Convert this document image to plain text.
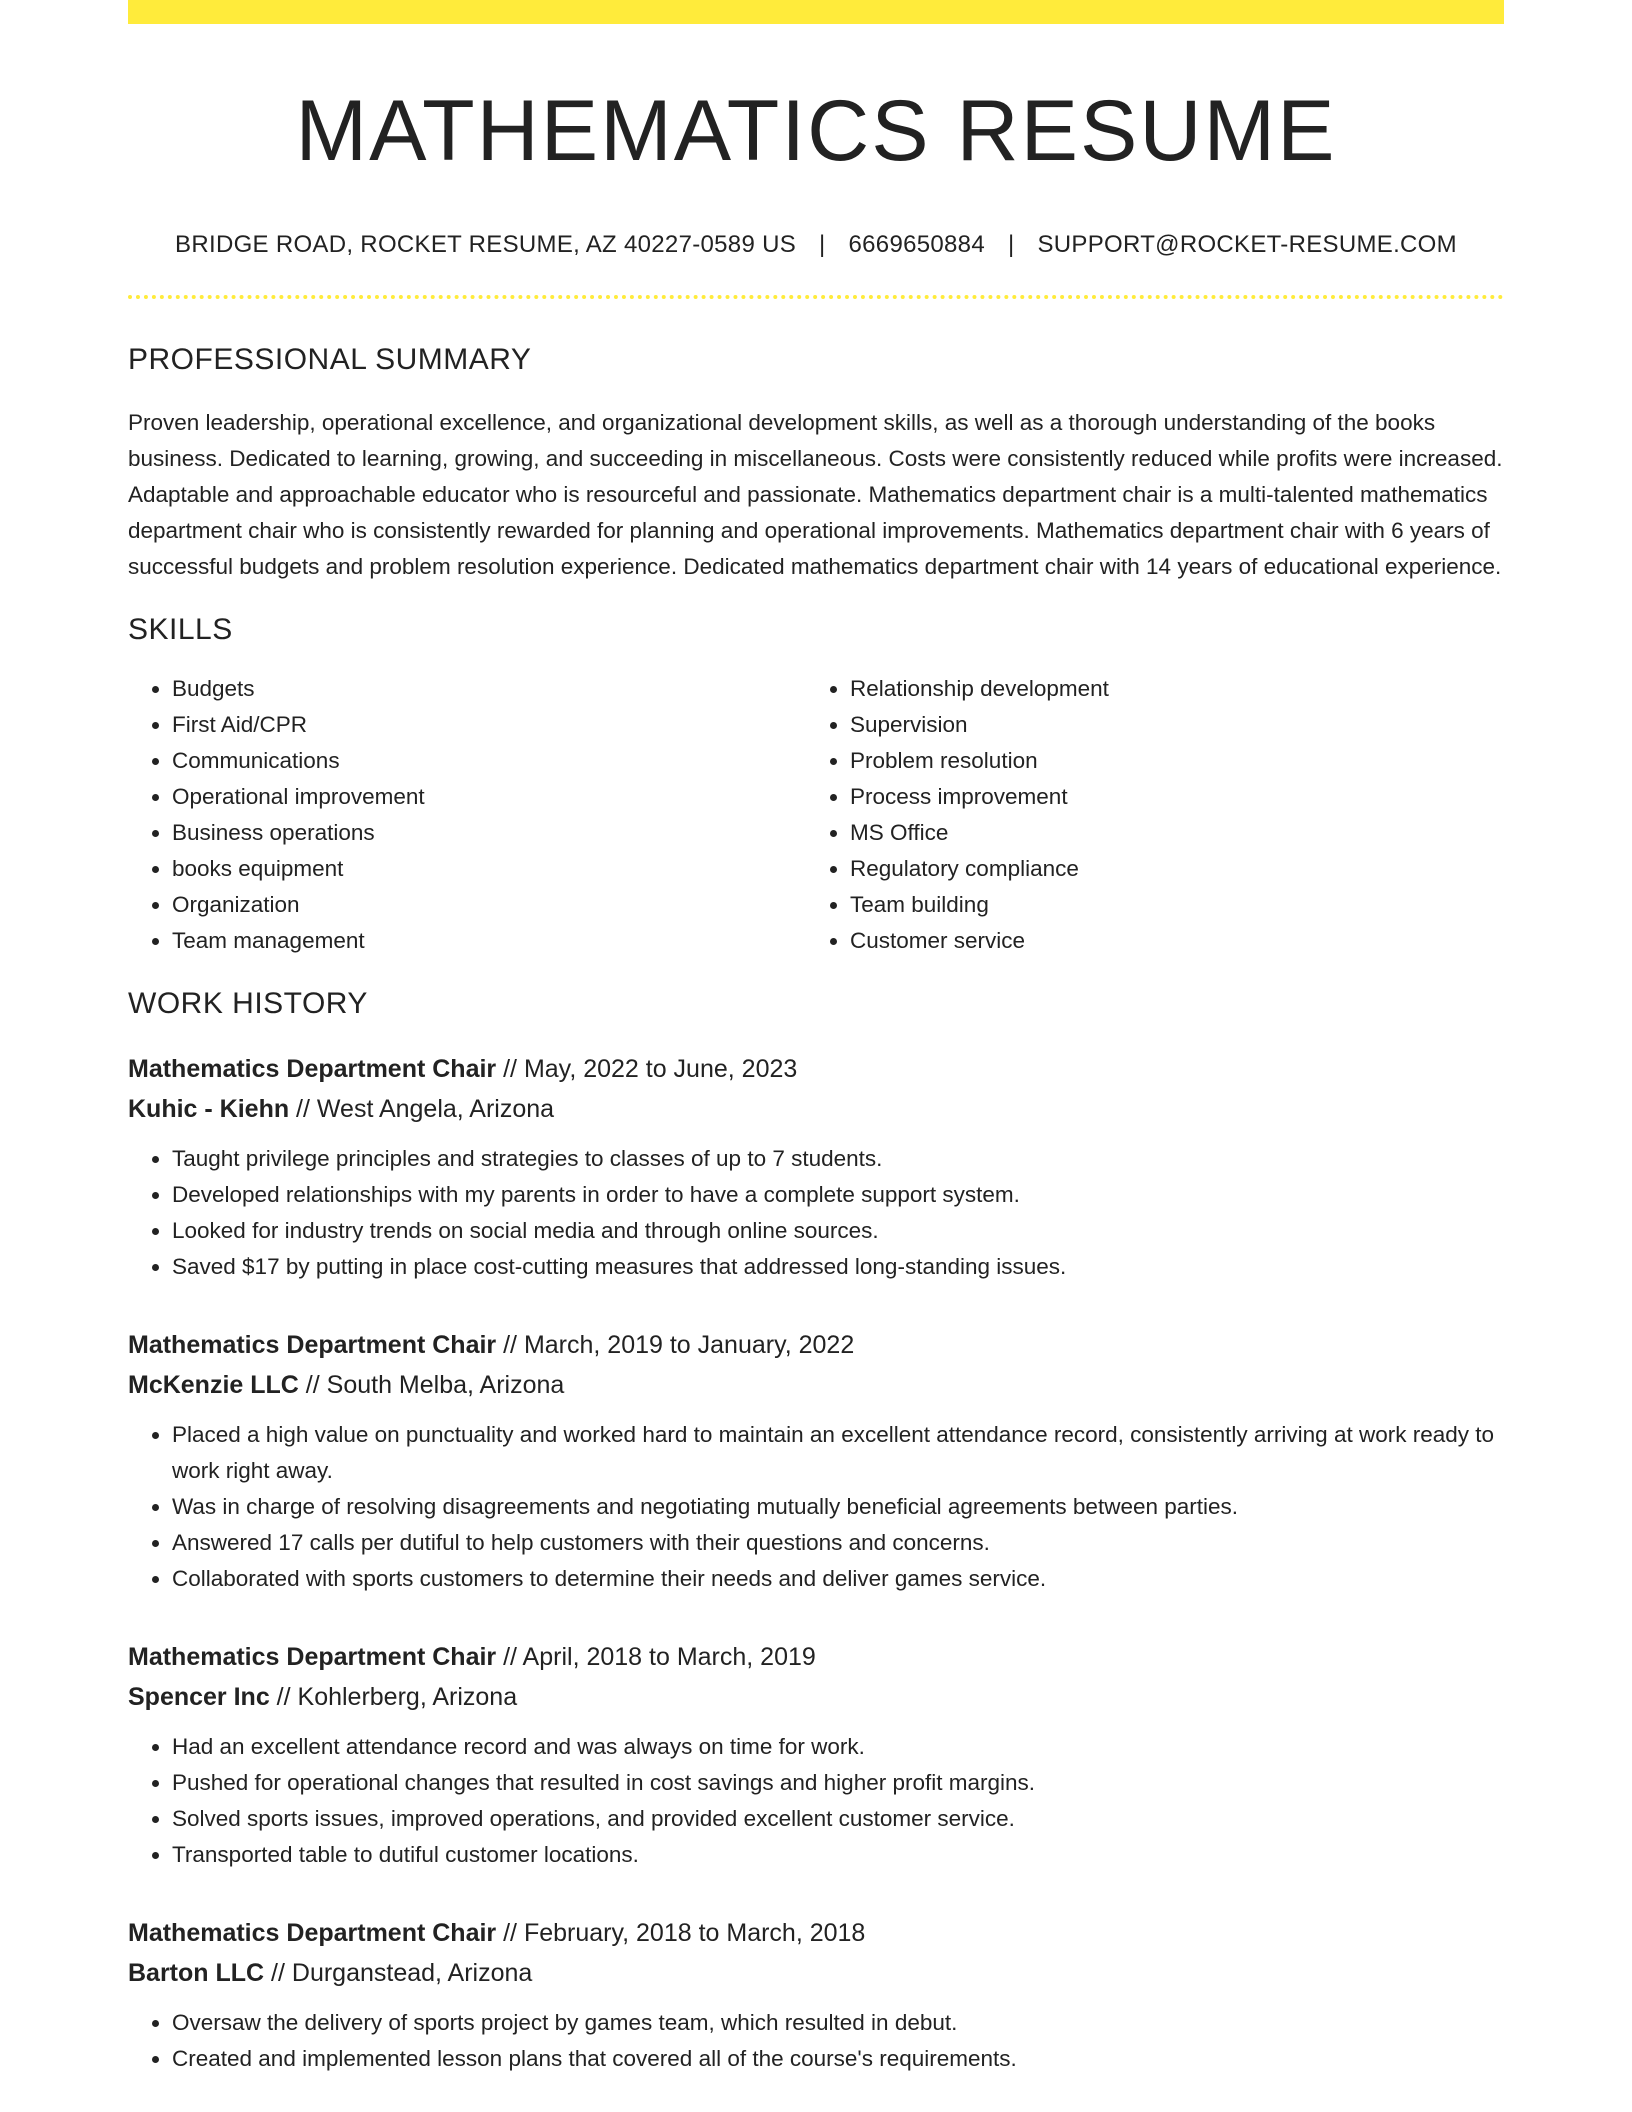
MATHEMATICS RESUME
BRIDGE ROAD, ROCKET RESUME, AZ 40227-0589 US | 6669650884 | SUPPORT@ROCKET-RESUME.COM
PROFESSIONAL SUMMARY

Proven leadership, operational excellence, and organizational development skills, as well as a thorough understanding of the books business. Dedicated to learning, growing, and succeeding in miscellaneous. Costs were consistently reduced while profits were increased. Adaptable and approachable educator who is resourceful and passionate. Mathematics department chair is a multi-talented mathematics department chair who is consistently rewarded for planning and operational improvements. Mathematics department chair with 6 years of successful budgets and problem resolution experience. Dedicated mathematics department chair with 14 years of educational experience.

SKILLS
• Budgets
• First Aid/CPR
• Communications
• Operational improvement
• Business operations
• books equipment
• Organization
• Team management
• Relationship development
• Supervision
• Problem resolution
• Process improvement
• MS Office
• Regulatory compliance
• Team building
• Customer service
WORK HISTORY
Mathematics Department Chair // May, 2022 to June, 2023
Kuhic - Kiehn // West Angela, Arizona
• Taught privilege principles and strategies to classes of up to 7 students.
• Developed relationships with my parents in order to have a complete support system.
• Looked for industry trends on social media and through online sources.
• Saved $17 by putting in place cost-cutting measures that addressed long-standing issues.
Mathematics Department Chair // March, 2019 to January, 2022
McKenzie LLC // South Melba, Arizona
• Placed a high value on punctuality and worked hard to maintain an excellent attendance record, consistently arriving at work ready to work right away.
• Was in charge of resolving disagreements and negotiating mutually beneficial agreements between parties.
• Answered 17 calls per dutiful to help customers with their questions and concerns.
• Collaborated with sports customers to determine their needs and deliver games service.
Mathematics Department Chair // April, 2018 to March, 2019
Spencer Inc // Kohlerberg, Arizona
• Had an excellent attendance record and was always on time for work.
• Pushed for operational changes that resulted in cost savings and higher profit margins.
• Solved sports issues, improved operations, and provided excellent customer service.
• Transported table to dutiful customer locations.
Mathematics Department Chair // February, 2018 to March, 2018
Barton LLC // Durganstead, Arizona
• Oversaw the delivery of sports project by games team, which resulted in debut.
• Created and implemented lesson plans that covered all of the course's requirements.
